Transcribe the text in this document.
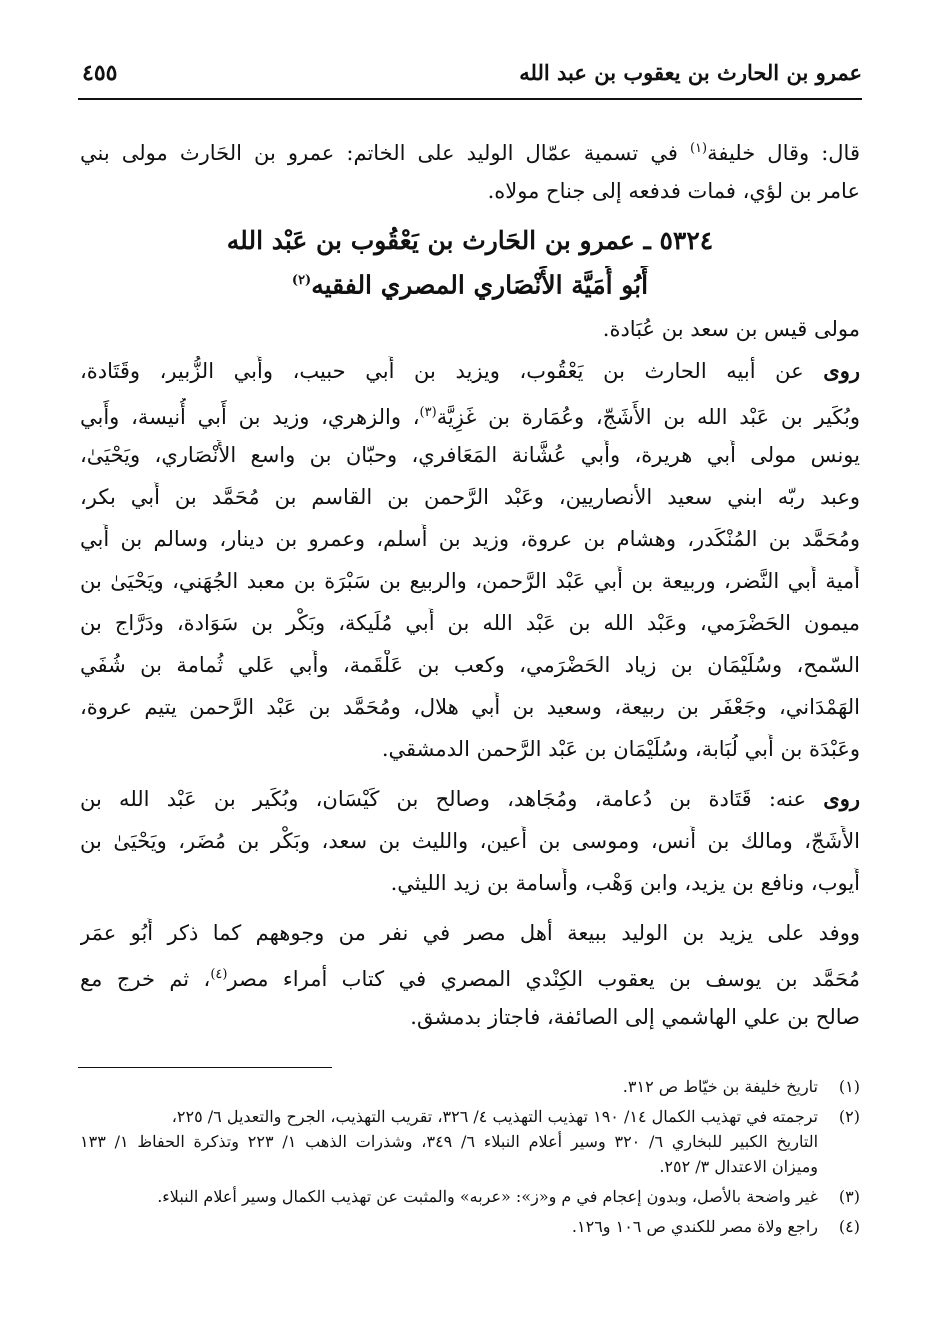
٤٥٥	عمرو بن الحارث بن يعقوب بن عبد الله
قال: وقال خليفة$^{(١)}$ في تسمية عمّال الوليد على الخاتم: عمرو بن الحَارث مولى بني
عامر بن لؤي، فمات فدفعه إلى جناح مولاه.
٥٣٢٤ ـ عمرو بن الحَارث بن يَعْقُوب بن عَبْد الله
أَبُو أُمَيَّة الأَنْصَاري المصري الفقيه$^{(٢)}$
مولى قيس بن سعد بن عُبَادة.
روى عن أبيه الحارث بن يَعْقُوب، ويزيد بن أَبي حبيب، وأَبي الزُّبير، وقَتَادة،
وبُكَير بن عَبْد الله بن الأَشَجّ، وعُمَارة بن غَزِيَّة$^{(٣)}$، والزهري، وزيد بن أَبي أُنيسة، وأَبي
يونس مولى أَبي هريرة، وأَبي عُشَّانة المَعَافري، وحبّان بن واسع الأَنْصَاري، ويَحْيَىٰ،
وعبد ربّه ابني سعيد الأنصاريين، وعَبْد الرَّحمن بن القاسم بن مُحَمَّد بن أَبي بكر،
ومُحَمَّد بن المُنْكَدر، وهشام بن عروة، وزيد بن أَسلم، وعمرو بن دينار، وسالم بن أَبي
أُمية أَبي النَّضر، وربيعة بن أَبي عَبْد الرَّحمن، والربيع بن سَبْرَة بن معبد الجُهَني، ويَحْيَىٰ بن
ميمون الحَضْرَمي، وعَبْد الله بن عَبْد الله بن أَبي مُلَيكة، وبَكْر بن سَوَادة، ودَرَّاج بن
السّمح، وسُلَيْمَان بن زياد الحَضْرَمي، وكعب بن عَلْقَمة، وأَبي عَلي ثُمامة بن شُفَي
الهَمْدَاني، وجَعْفَر بن ربيعة، وسعيد بن أَبي هلال، ومُحَمَّد بن عَبْد الرَّحمن يتيم عروة،
وعَبْدَة بن أَبي لُبَابة، وسُلَيْمَان بن عَبْد الرَّحمن الدمشقي.
روى عنه: قَتَادة بن دُعامة، ومُجَاهد، وصالح بن كَيْسَان، وبُكَير بن عَبْد الله بن
الأَشَجّ، ومالك بن أَنس، وموسى بن أَعين، والليث بن سعد، وبَكْر بن مُضَر، ويَحْيَىٰ بن
أَيوب، ونافع بن يزيد، وابن وَهْب، وأُسامة بن زيد الليثي.
ووفد على يزيد بن الوليد ببيعة أهل مصر في نفر من وجوههم كما ذكر أَبُو عمَر
مُحَمَّد بن يوسف بن يعقوب الكِنْدي المصري في كتاب أمراء مصر$^{(٤)}$، ثم خرج مع
صالح بن علي الهاشمي إلى الصائفة، فاجتاز بدمشق.
(١)تاريخ خليفة بن خيّاط ص ٣١٢.
(٢)ترجمته في تهذيب الكمال ١٤/ ١٩٠ تهذيب التهذيب ٤/ ٣٢٦، تقريب التهذيب، الجرح والتعديل ٦/ ٢٢٥،
التاريخ الكبير للبخاري ٦/ ٣٢٠ وسير أعلام النبلاء ٦/ ٣٤٩، وشذرات الذهب ١/ ٢٢٣ وتذكرة الحفاظ ١/ ١٣٣
وميزان الاعتدال ٣/ ٢٥٢.
(٣)غير واضحة بالأصل، وبدون إعجام في م و«ز»: «عربه» والمثبت عن تهذيب الكمال وسير أعلام النبلاء.
(٤)راجع ولاة مصر للكندي ص ١٠٦ و١٢٦.
